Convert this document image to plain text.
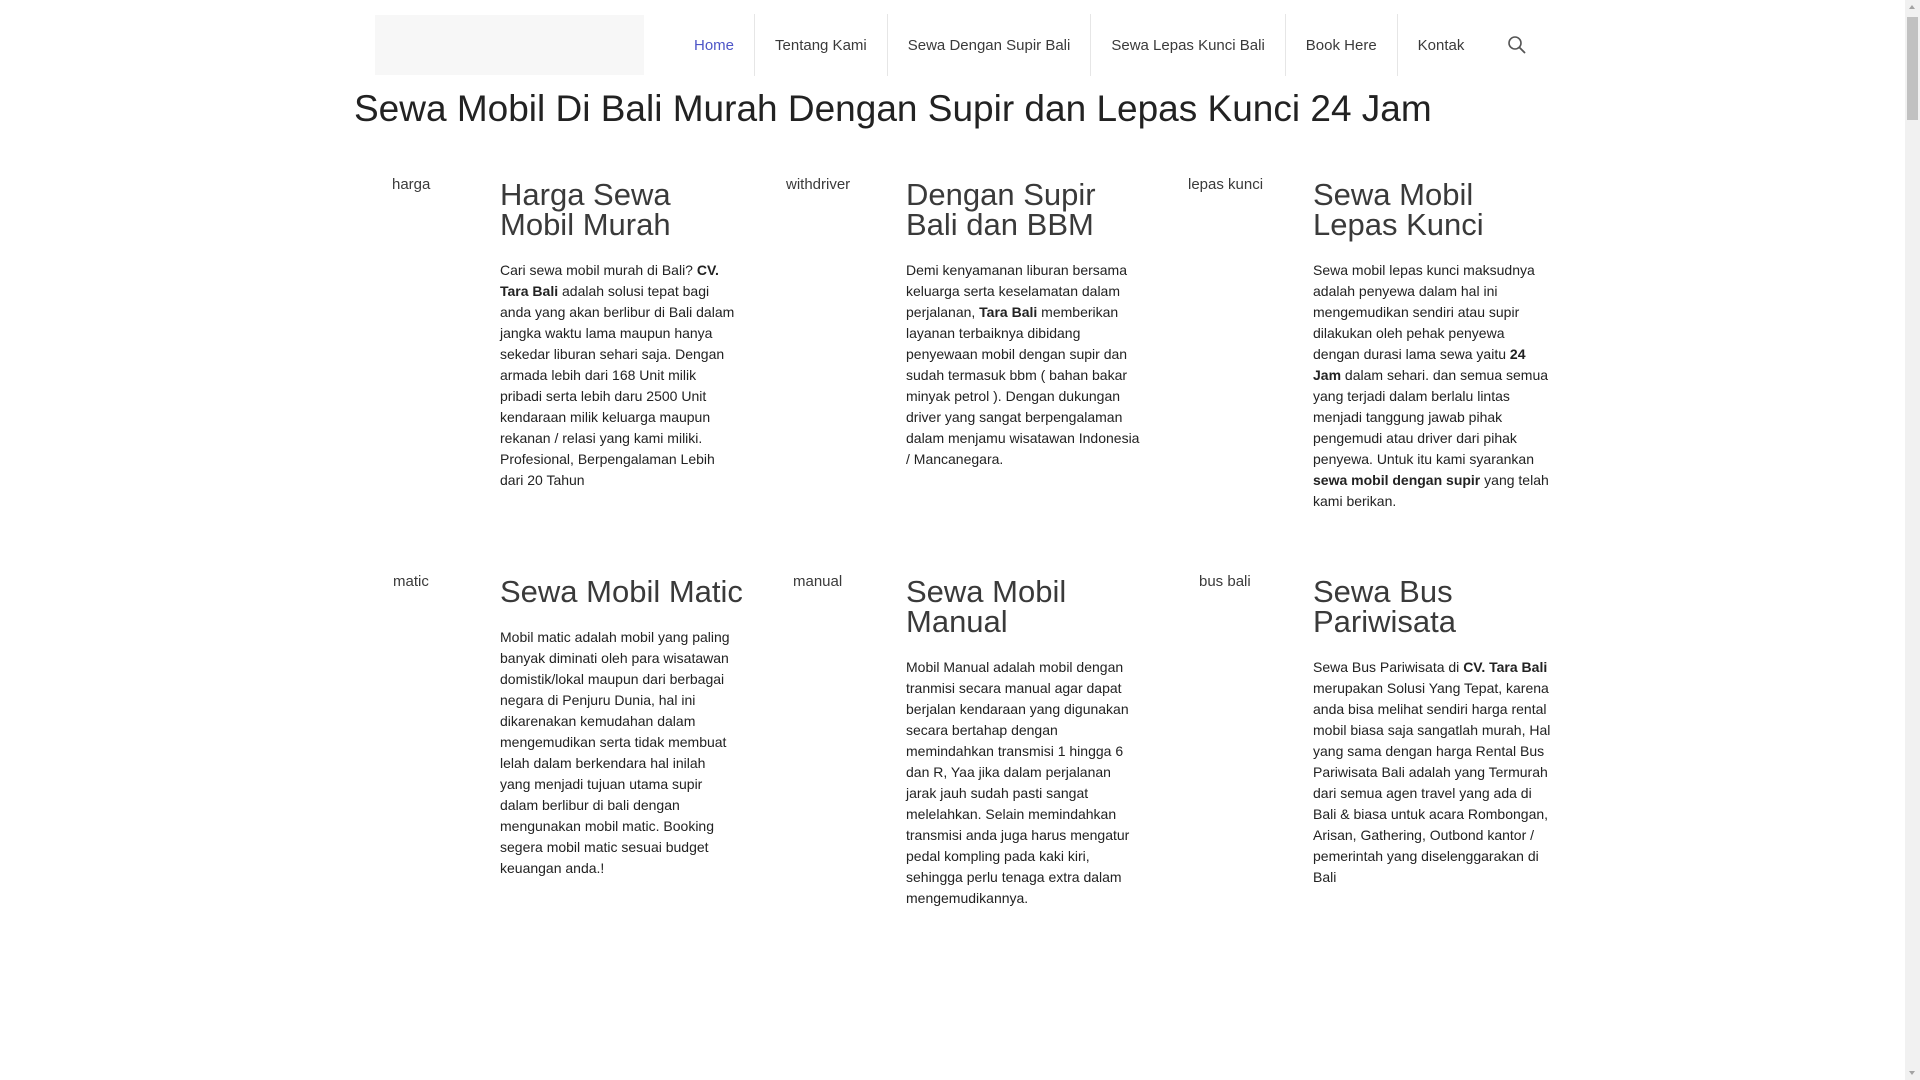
Home	Tentang Kami	Sewa Dengan Supir Bali	Sewa Lepas Kunci Bali	Book Here	Kontak
Sewa Mobil Di Bali Murah Dengan Supir dan Lepas Kunci 24 Jam
harga Harga Sewa Mobil Murah

Cari sewa mobil murah di Bali? CV. Tara Bali adalah solusi tepat bagi anda yang akan berlibur di Bali dalam jangka waktu lama maupun hanya sekedar liburan sehari saja. Dengan armada lebih dari 168 Unit milik pribadi serta lebih daru 2500 Unit kendaraan milik keluarga maupun rekanan / relasi yang kami miliki. Profesional, Berpengalaman Lebih dari 20 Tahun

withdriver Dengan Supir Bali dan BBM

Demi kenyamanan liburan bersama keluarga serta keselamatan dalam perjalanan, Tara Bali memberikan layanan terbaiknya dibidang penyewaan mobil dengan supir dan sudah termasuk bbm ( bahan bakar minyak petrol ). Dengan dukungan driver yang sangat berpengalaman dalam menjamu wisatawan Indonesia / Mancanegara.

lepas kunci Sewa Mobil Lepas Kunci

Sewa mobil lepas kunci maksudnya adalah penyewa dalam hal ini mengemudikan sendiri atau supir dilakukan oleh pehak penyewa dengan durasi lama sewa yaitu 24 Jam dalam sehari. dan semua semua yang terjadi dalam berlalu lintas menjadi tanggung jawab pihak pengemudi atau driver dari pihak penyewa. Untuk itu kami syarankan sewa mobil dengan supir yang telah kami berikan.

matic Sewa Mobil Matic

Mobil matic adalah mobil yang paling banyak diminati oleh para wisatawan domistik/lokal maupun dari berbagai negara di Penjuru Dunia, hal ini dikarenakan kemudahan dalam mengemudikan serta tidak membuat lelah dalam berkendara hal inilah yang menjadi tujuan utama supir dalam berlibur di bali dengan mengunakan mobil matic. Booking segera mobil matic sesuai budget keuangan anda.!

manual Sewa Mobil Manual

Mobil Manual adalah mobil dengan tranmisi secara manual agar dapat berjalan kendaraan yang digunakan secara bertahap dengan memindahkan transmisi 1 hingga 6 dan R, Yaa jika dalam perjalanan jarak jauh sudah pasti sangat melelahkan. Selain memindahkan transmisi anda juga harus mengatur pedal kompling pada kaki kiri, sehingga perlu tenaga extra dalam mengemudikannya.

bus bali Sewa Bus Pariwisata

Sewa Bus Pariwisata di CV. Tara Bali merupakan Solusi Yang Tepat, karena anda bisa melihat sendiri harga rental mobil biasa saja sangatlah murah, Hal yang sama dengan harga Rental Bus Pariwisata Bali adalah yang Termurah dari semua agen travel yang ada di Bali & biasa untuk acara Rombongan, Arisan, Gathering, Outbond kantor / pemerintah yang diselenggarakan di Bali
